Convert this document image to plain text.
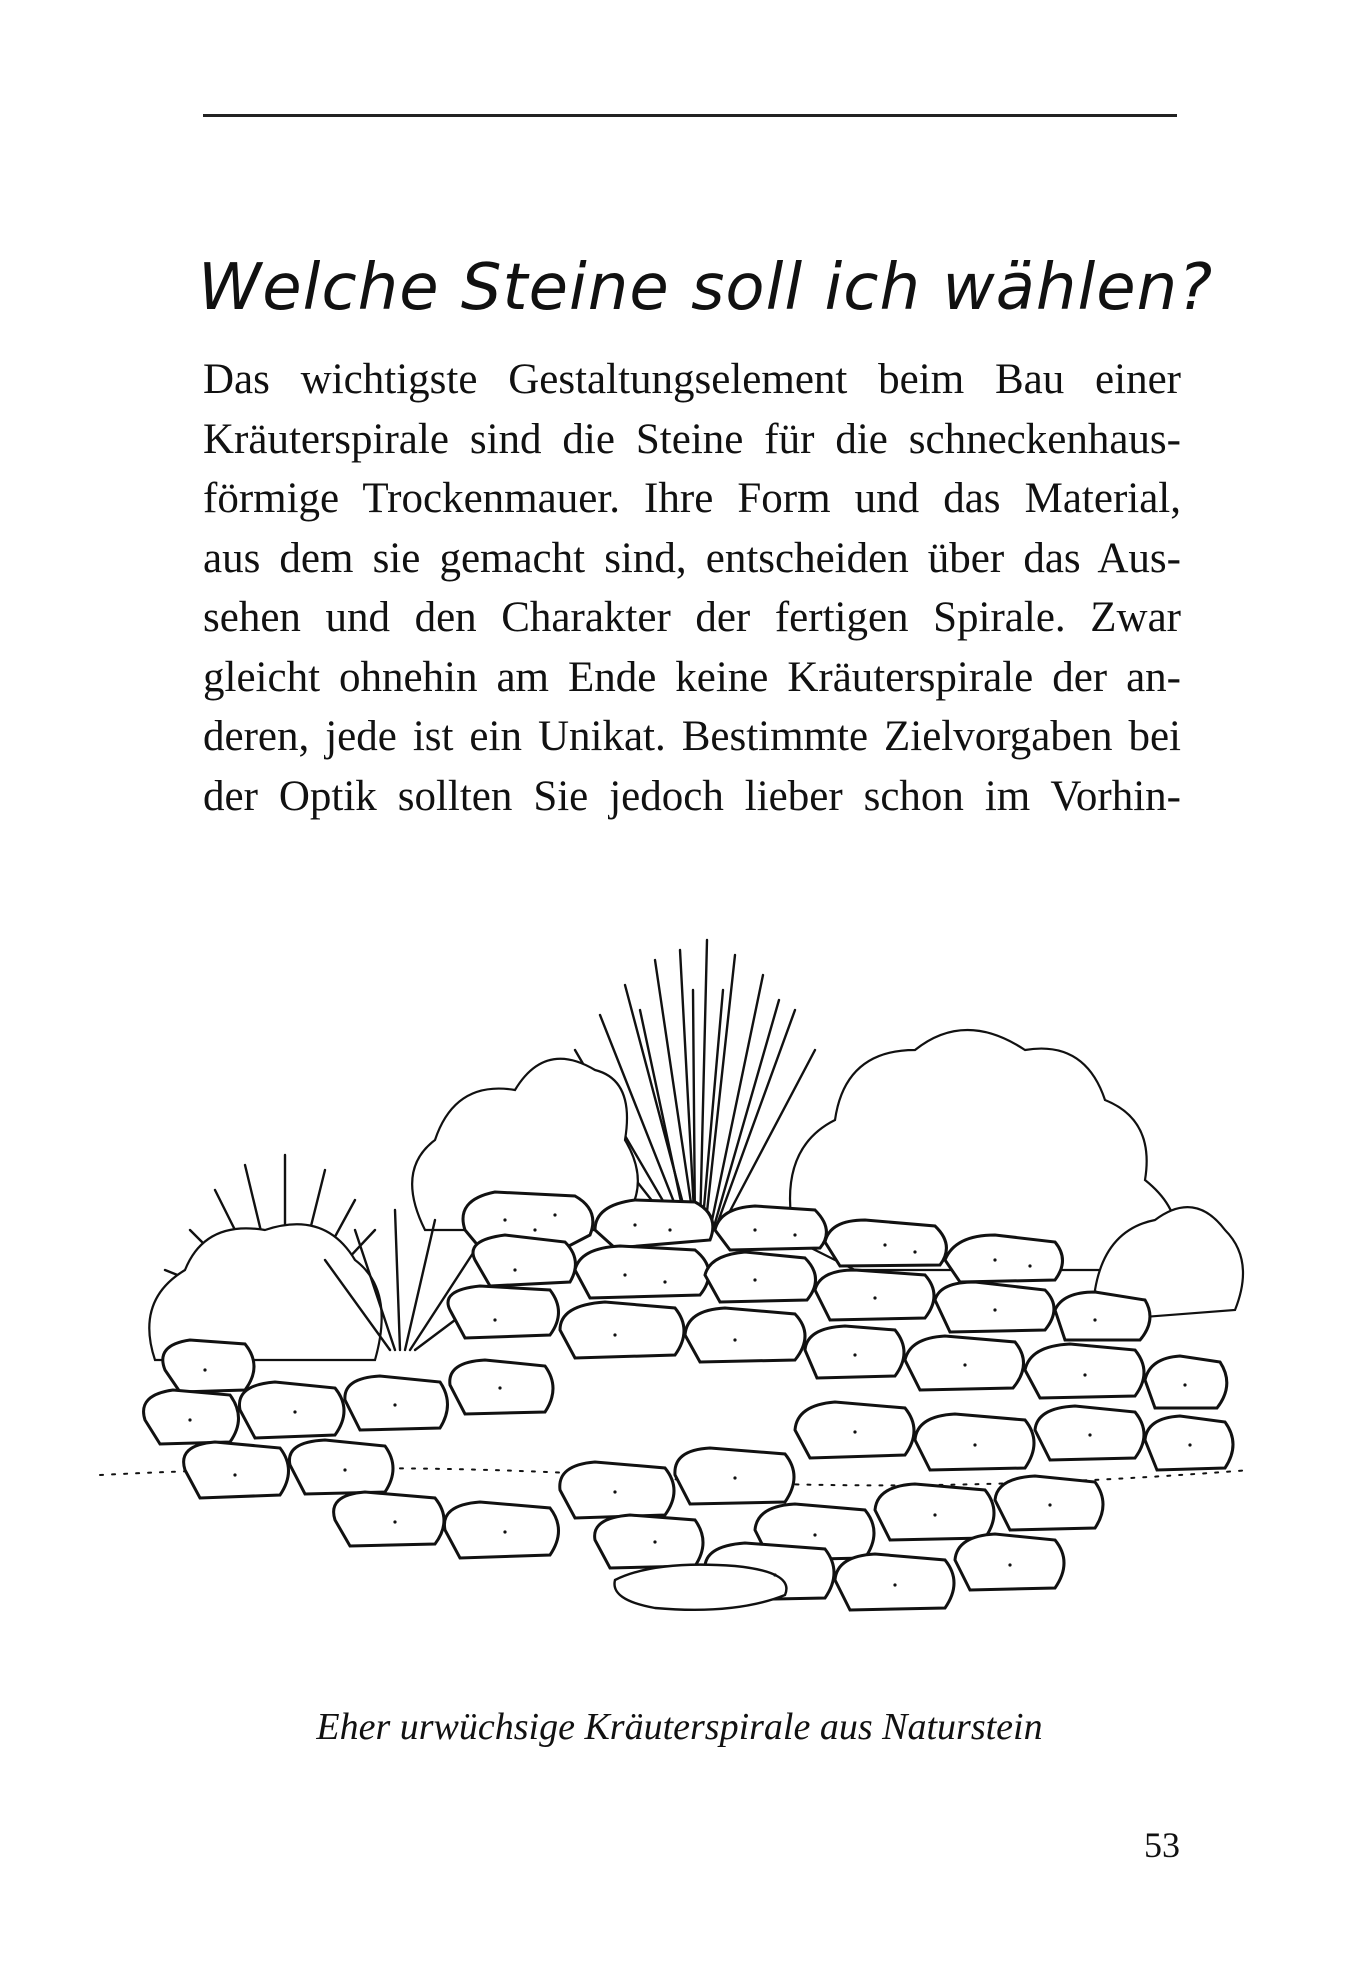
Welche Steine soll ich wählen?
Das wichtigste Gestaltungselement beim Bau einer
Kräuterspirale sind die Steine für die schneckenhaus-
förmige Trockenmauer. Ihre Form und das Material,
aus dem sie gemacht sind, entscheiden über das Aus-
sehen und den Charakter der fertigen Spirale. Zwar
gleicht ohnehin am Ende keine Kräuterspirale der an-
deren, jede ist ein Unikat. Bestimmte Zielvorgaben bei
der Optik sollten Sie jedoch lieber schon im Vorhin-
Eher urwüchsige Kräuterspirale aus Naturstein
53
